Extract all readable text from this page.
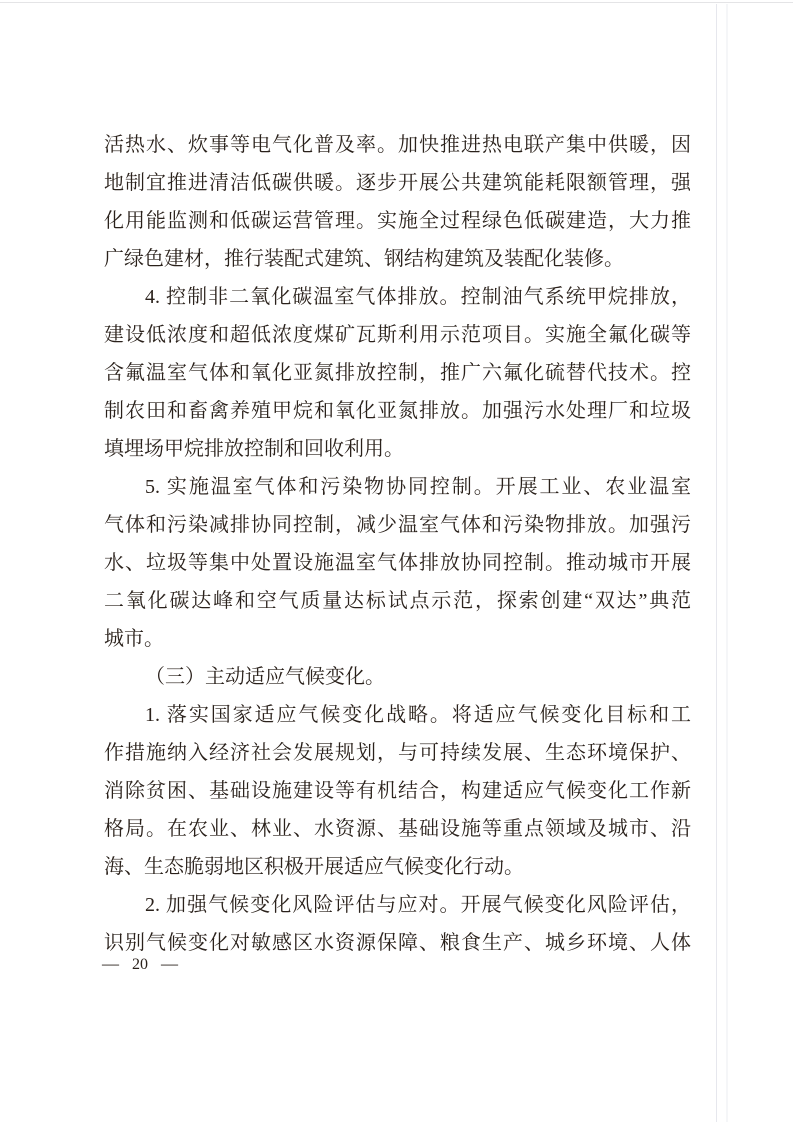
活热水、炊事等电气化普及率。加快推进热电联产集中供暖，因
地制宜推进清洁低碳供暖。逐步开展公共建筑能耗限额管理，强
化用能监测和低碳运营管理。实施全过程绿色低碳建造，大力推
广绿色建材，推行装配式建筑、钢结构建筑及装配化装修。
4. 控制非二氧化碳温室气体排放。控制油气系统甲烷排放，
建设低浓度和超低浓度煤矿瓦斯利用示范项目。实施全氟化碳等
含氟温室气体和氧化亚氮排放控制，推广六氟化硫替代技术。控
制农田和畜禽养殖甲烷和氧化亚氮排放。加强污水处理厂和垃圾
填埋场甲烷排放控制和回收利用。
5. 实施温室气体和污染物协同控制。开展工业、农业温室
气体和污染减排协同控制，减少温室气体和污染物排放。加强污
水、垃圾等集中处置设施温室气体排放协同控制。推动城市开展
二氧化碳达峰和空气质量达标试点示范，探索创建“双达”典范
城市。
（三）主动适应气候变化。
1. 落实国家适应气候变化战略。将适应气候变化目标和工
作措施纳入经济社会发展规划，与可持续发展、生态环境保护、
消除贫困、基础设施建设等有机结合，构建适应气候变化工作新
格局。在农业、林业、水资源、基础设施等重点领域及城市、沿
海、生态脆弱地区积极开展适应气候变化行动。
2. 加强气候变化风险评估与应对。开展气候变化风险评估，
识别气候变化对敏感区水资源保障、粮食生产、城乡环境、人体
— 20 —
